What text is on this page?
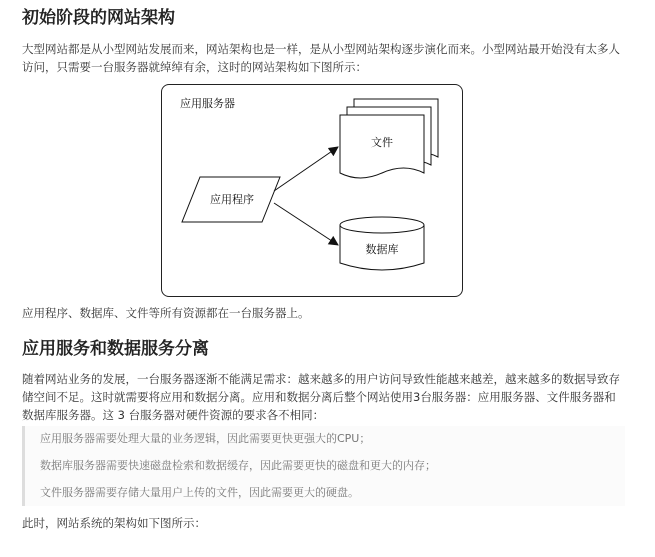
初始阶段的网站架构

大型网站都是从小型网站发展而来，网站架构也是一样，是从小型网站架构逐步演化而来。小型网站最开始没有太多人访问，只需要一台服务器就绰绰有余，这时的网站架构如下图所示：

应用服务器
应用程序
文件
数据库

应用程序、数据库、文件等所有资源都在一台服务器上。

应用服务和数据服务分离

随着网站业务的发展，一台服务器逐渐不能满足需求：越来越多的用户访问导致性能越来越差，越来越多的数据导致存储空间不足。这时就需要将应用和数据分离。应用和数据分离后整个网站使用3台服务器：应用服务器、文件服务器和数据库服务器。这 3 台服务器对硬件资源的要求各不相同：

应用服务器需要处理大量的业务逻辑，因此需要更快更强大的CPU；

数据库服务器需要快速磁盘检索和数据缓存，因此需要更快的磁盘和更大的内存；

文件服务器需要存储大量用户上传的文件，因此需要更大的硬盘。

此时，网站系统的架构如下图所示：
